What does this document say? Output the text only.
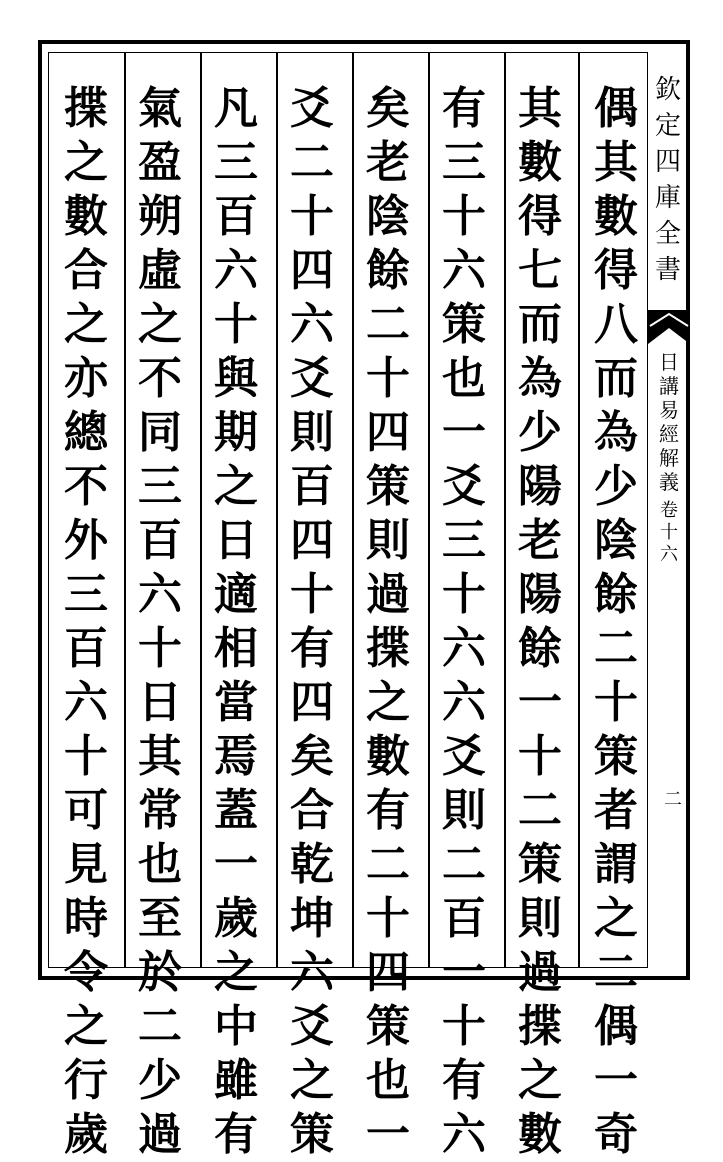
欽
定
四
庫
全
書
日
講
易
經
解
義
卷
十
六
二
偶
其
數
得
八
而
為
少
陰
餘
二
十
策
者
謂
之
二
偶
一
奇
其
數
得
七
而
為
少
陽
老
陽
餘
一
十
二
策
則
過
揲
之
數
有
三
十
六
策
也
一
爻
三
十
六
六
爻
則
二
百
一
十
有
六
矣
老
陰
餘
二
十
四
策
則
過
揲
之
數
有
二
十
四
策
也
一
爻
二
十
四
六
爻
則
百
四
十
有
四
矣
合
乾
坤
六
爻
之
策
凡
三
百
六
十
與
期
之
日
適
相
當
焉
蓋
一
歲
之
中
雖
有
氣
盈
朔
虛
之
不
同
三
百
六
十
日
其
常
也
至
於
二
少
過
揲
之
數
合
之
亦
總
不
外
三
百
六
十
可
見
時
令
之
行
歲
